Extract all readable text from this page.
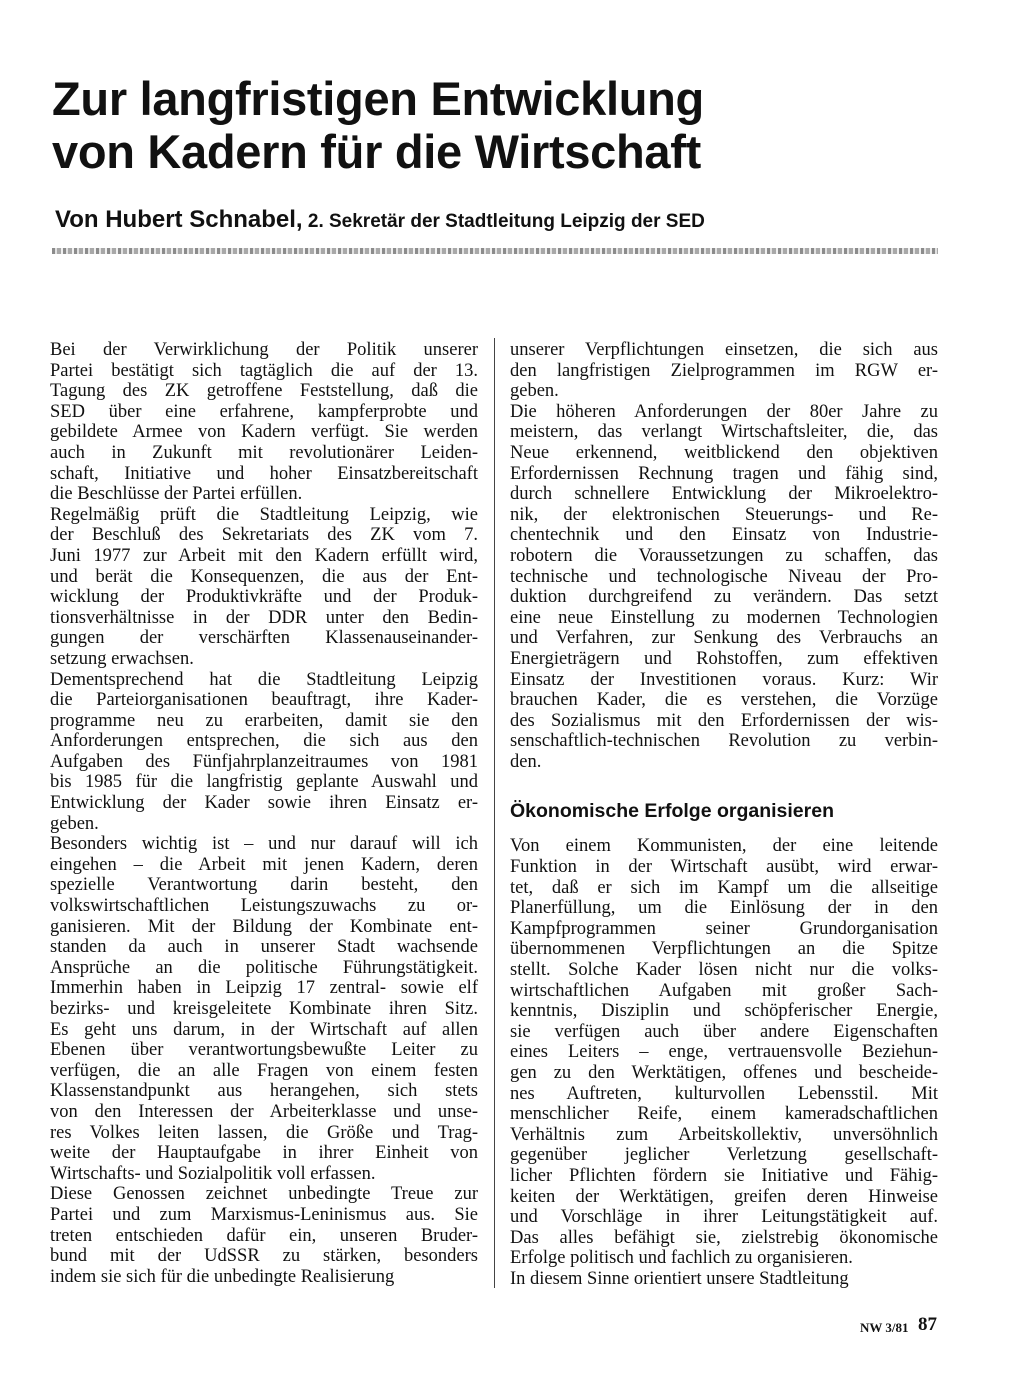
Zur langfristigen Entwicklung
von Kadern für die Wirtschaft

Von Hubert Schnabel, 2. Sekretär der Stadtleitung Leipzig der SED

Bei der Verwirklichung der Politik unserer
Partei bestätigt sich tagtäglich die auf der 13.
Tagung des ZK getroffene Feststellung, daß die
SED über eine erfahrene, kampferprobte und
gebildete Armee von Kadern verfügt. Sie werden
auch in Zukunft mit revolutionärer Leiden-
schaft, Initiative und hoher Einsatzbereitschaft
die Beschlüsse der Partei erfüllen.

Regelmäßig prüft die Stadtleitung Leipzig, wie
der Beschluß des Sekretariats des ZK vom 7.
Juni 1977 zur Arbeit mit den Kadern erfüllt wird,
und berät die Konsequenzen, die aus der Ent-
wicklung der Produktivkräfte und der Produk-
tionsverhältnisse in der DDR unter den Bedin-
gungen der verschärften Klassenauseinander-
setzung erwachsen.

Dementsprechend hat die Stadtleitung Leipzig
die Parteiorganisationen beauftragt, ihre Kader-
programme neu zu erarbeiten, damit sie den
Anforderungen entsprechen, die sich aus den
Aufgaben des Fünfjahrplanzeitraumes von 1981
bis 1985 für die langfristig geplante Auswahl und
Entwicklung der Kader sowie ihren Einsatz er-
geben.

Besonders wichtig ist – und nur darauf will ich
eingehen – die Arbeit mit jenen Kadern, deren
spezielle Verantwortung darin besteht, den
volkswirtschaftlichen Leistungszuwachs zu or-
ganisieren. Mit der Bildung der Kombinate ent-
standen da auch in unserer Stadt wachsende
Ansprüche an die politische Führungstätigkeit.
Immerhin haben in Leipzig 17 zentral- sowie elf
bezirks- und kreisgeleitete Kombinate ihren Sitz.
Es geht uns darum, in der Wirtschaft auf allen
Ebenen über verantwortungsbewußte Leiter zu
verfügen, die an alle Fragen von einem festen
Klassenstandpunkt aus herangehen, sich stets
von den Interessen der Arbeiterklasse und unse-
res Volkes leiten lassen, die Größe und Trag-
weite der Hauptaufgabe in ihrer Einheit von
Wirtschafts- und Sozialpolitik voll erfassen.

Diese Genossen zeichnet unbedingte Treue zur
Partei und zum Marxismus-Leninismus aus. Sie
treten entschieden dafür ein, unseren Bruder-
bund mit der UdSSR zu stärken, besonders
indem sie sich für die unbedingte Realisierung

unserer Verpflichtungen einsetzen, die sich aus
den langfristigen Zielprogrammen im RGW er-
geben.

Die höheren Anforderungen der 80er Jahre zu
meistern, das verlangt Wirtschaftsleiter, die, das
Neue erkennend, weitblickend den objektiven
Erfordernissen Rechnung tragen und fähig sind,
durch schnellere Entwicklung der Mikroelektro-
nik, der elektronischen Steuerungs- und Re-
chentechnik und den Einsatz von Industrie-
robotern die Voraussetzungen zu schaffen, das
technische und technologische Niveau der Pro-
duktion durchgreifend zu verändern. Das setzt
eine neue Einstellung zu modernen Technologien
und Verfahren, zur Senkung des Verbrauchs an
Energieträgern und Rohstoffen, zum effektiven
Einsatz der Investitionen voraus. Kurz: Wir
brauchen Kader, die es verstehen, die Vorzüge
des Sozialismus mit den Erfordernissen der wis-
senschaftlich-technischen Revolution zu verbin-
den.

Ökonomische Erfolge organisieren

Von einem Kommunisten, der eine leitende
Funktion in der Wirtschaft ausübt, wird erwar-
tet, daß er sich im Kampf um die allseitige
Planerfüllung, um die Einlösung der in den
Kampfprogrammen seiner Grundorganisation
übernommenen Verpflichtungen an die Spitze
stellt. Solche Kader lösen nicht nur die volks-
wirtschaftlichen Aufgaben mit großer Sach-
kenntnis, Disziplin und schöpferischer Energie,
sie verfügen auch über andere Eigenschaften
eines Leiters – enge, vertrauensvolle Beziehun-
gen zu den Werktätigen, offenes und bescheide-
nes Auftreten, kulturvollen Lebensstil. Mit
menschlicher Reife, einem kameradschaftlichen
Verhältnis zum Arbeitskollektiv, unversöhnlich
gegenüber jeglicher Verletzung gesellschaft-
licher Pflichten fördern sie Initiative und Fähig-
keiten der Werktätigen, greifen deren Hinweise
und Vorschläge in ihrer Leitungstätigkeit auf.
Das alles befähigt sie, zielstrebig ökonomische
Erfolge politisch und fachlich zu organisieren.

In diesem Sinne orientiert unsere Stadtleitung

NW 3/81 87
